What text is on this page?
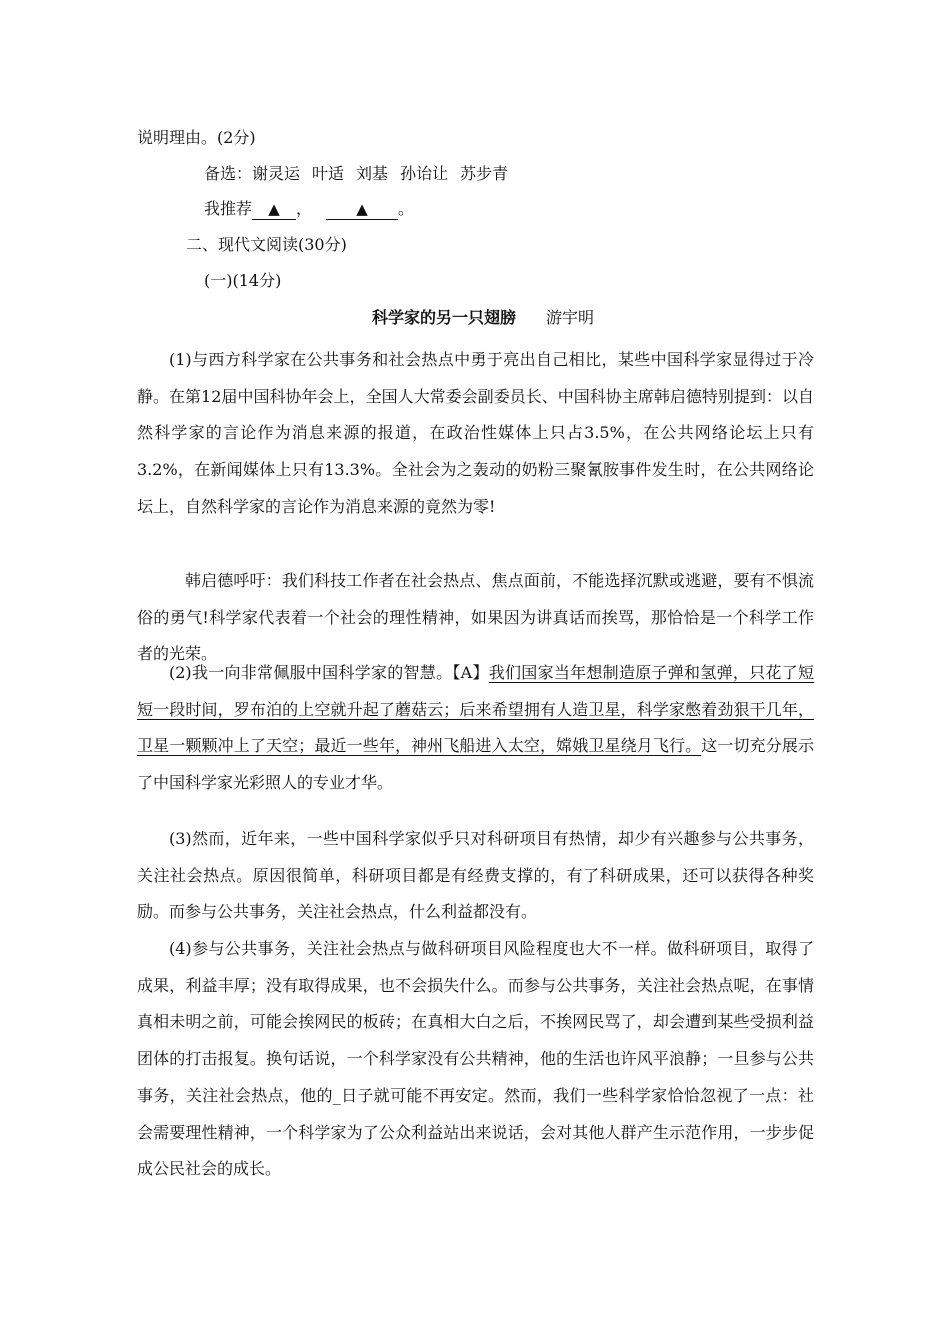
说明理由。(2分)
备选：谢灵运 叶适 刘基 孙诒让 苏步青
我推荐 ▲ ，	▲ 。
二、现代文阅读(30分)
(一)(14分)
科学家的另一只翅膀 游宇明
(1)与西方科学家在公共事务和社会热点中勇于亮出自己相比，某些中国科学家显得过于冷静。在第12届中国科协年会上，全国人大常委会副委员长、中国科协主席韩启德特别提到：以自然科学家的言论作为消息来源的报道，在政治性媒体上只占3.5%，在公共网络论坛上只有3.2%，在新闻媒体上只有13.3%。全社会为之轰动的奶粉三聚氰胺事件发生时，在公共网络论坛上，自然科学家的言论作为消息来源的竟然为零!
韩启德呼吁：我们科技工作者在社会热点、焦点面前，不能选择沉默或逃避，要有不惧流俗的勇气!科学家代表着一个社会的理性精神，如果因为讲真话而挨骂，那恰恰是一个科学工作者的光荣。
(2)我一向非常佩服中国科学家的智慧。【A】我们国家当年想制造原子弹和氢弹，只花了短短一段时间，罗布泊的上空就升起了蘑菇云；后来希望拥有人造卫星，科学家憋着劲狠干几年，卫星一颗颗冲上了天空；最近一些年，神州飞船进入太空，嫦娥卫星绕月飞行。这一切充分展示了中国科学家光彩照人的专业才华。
(3)然而，近年来，一些中国科学家似乎只对科研项目有热情，却少有兴趣参与公共事务，关注社会热点。原因很简单，科研项目都是有经费支撑的，有了科研成果，还可以获得各种奖励。而参与公共事务，关注社会热点，什么利益都没有。
(4)参与公共事务，关注社会热点与做科研项目风险程度也大不一样。做科研项目，取得了成果，利益丰厚；没有取得成果，也不会损失什么。而参与公共事务，关注社会热点呢，在事情真相未明之前，可能会挨网民的板砖；在真相大白之后，不挨网民骂了，却会遭到某些受损利益团体的打击报复。换句话说，一个科学家没有公共精神，他的生活也许风平浪静；一旦参与公共事务，关注社会热点，他的_日子就可能不再安定。然而，我们一些科学家恰恰忽视了一点：社会需要理性精神，一个科学家为了公众利益站出来说话，会对其他人群产生示范作用，一步步促成公民社会的成长。
